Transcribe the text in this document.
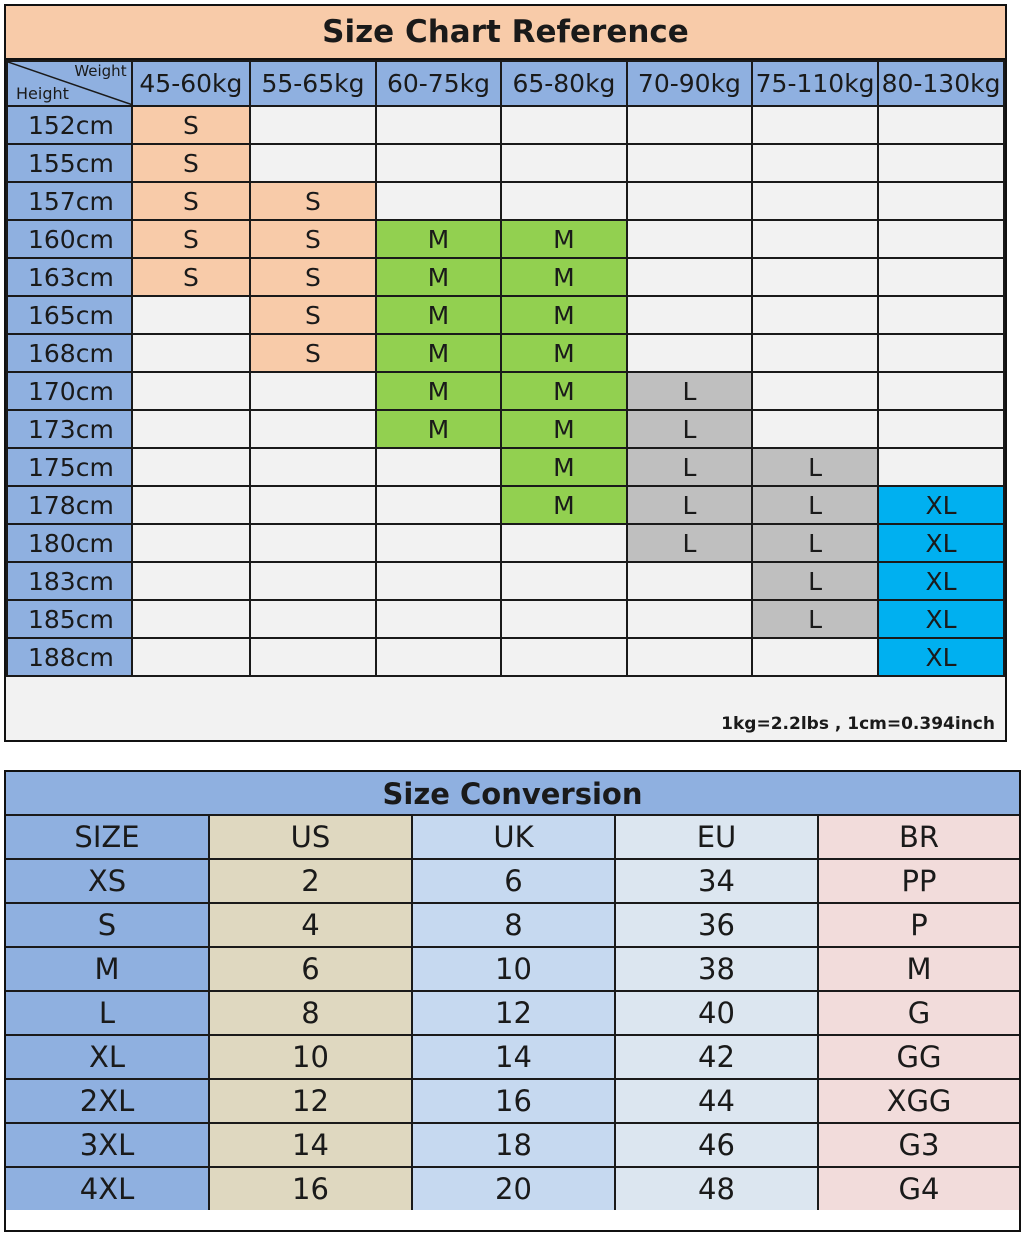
Size Chart Reference
Weight
Height	45-60kg	55-65kg	60-75kg	65-80kg	70-90kg	75-110kg	80-130kg
152cm	S						
155cm	S						
157cm	S	S					
160cm	S	S	M	M			
163cm	S	S	M	M			
165cm		S	M	M			
168cm		S	M	M			
170cm			M	M	L		
173cm			M	M	L		
175cm				M	L	L	
178cm				M	L	L	XL
180cm					L	L	XL
183cm						L	XL
185cm						L	XL
188cm							XL
1kg=2.2lbs , 1cm=0.394inch
Size Conversion
SIZE	US	UK	EU	BR
XS	2	6	34	PP
S	4	8	36	P
M	6	10	38	M
L	8	12	40	G
XL	10	14	42	GG
2XL	12	16	44	XGG
3XL	14	18	46	G3
4XL	16	20	48	G4
